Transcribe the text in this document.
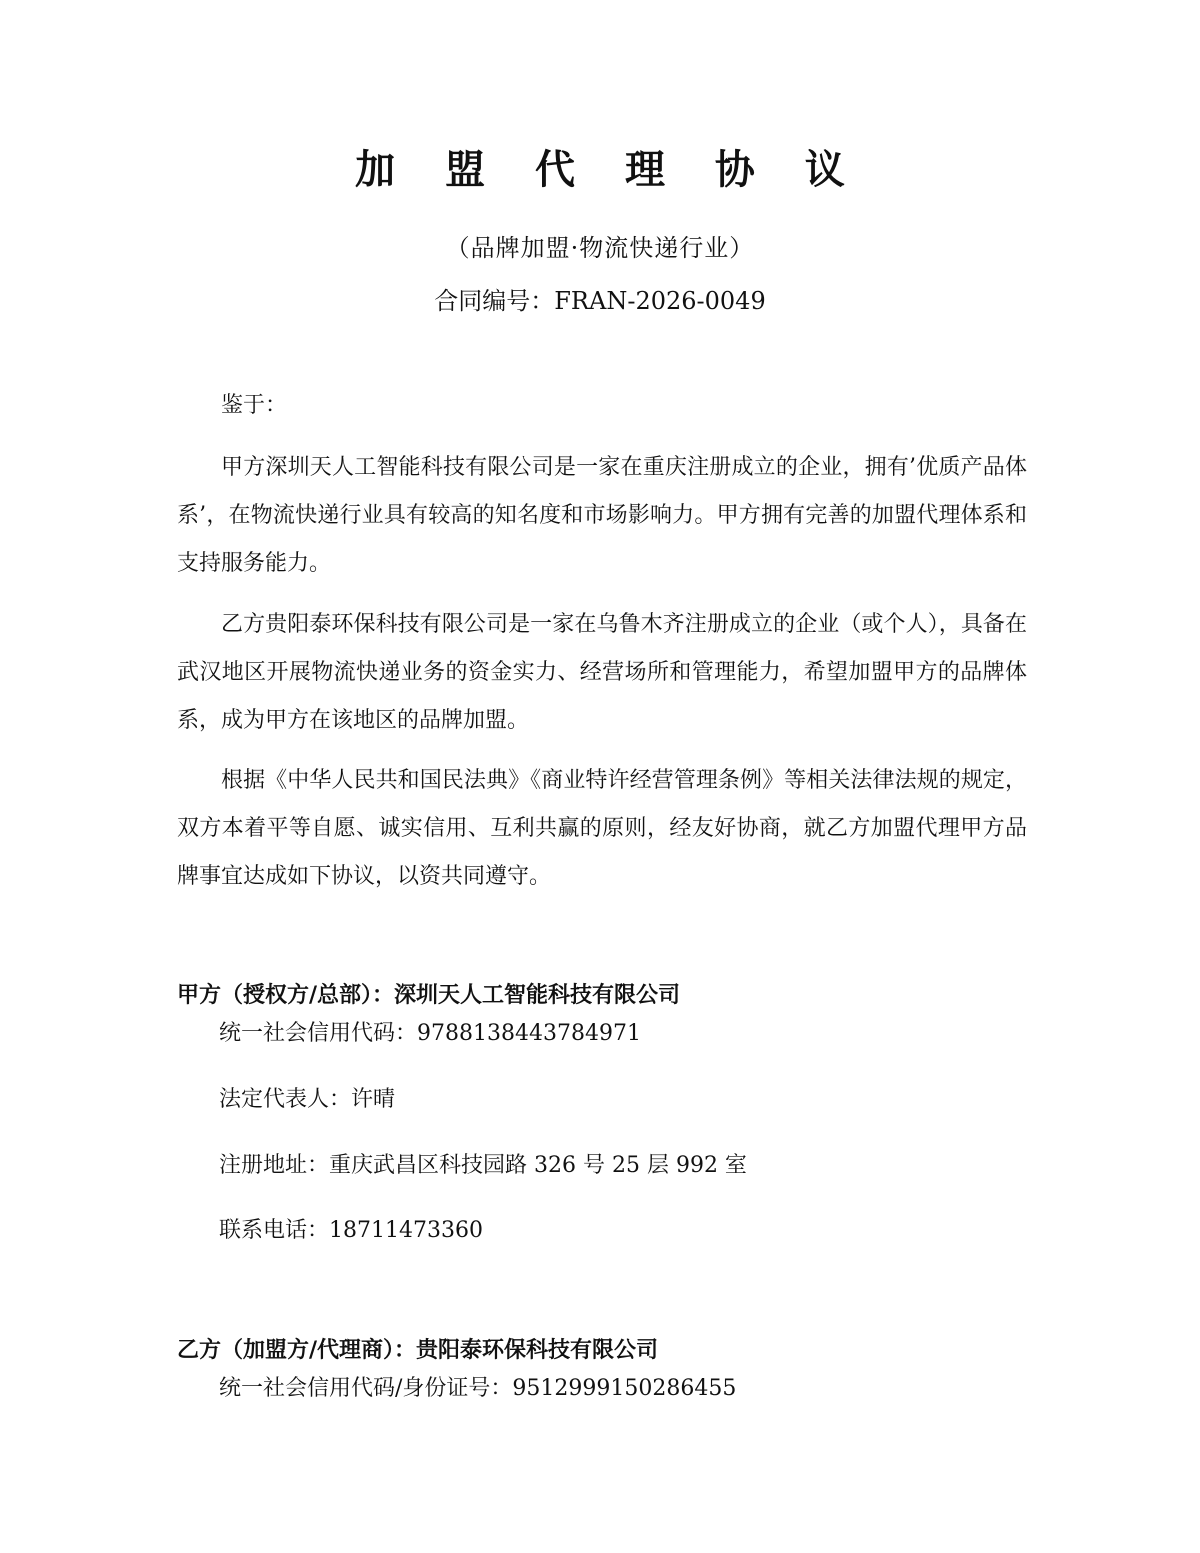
加 盟 代 理 协 议
（品牌加盟·物流快递行业）
合同编号：FRAN-2026-0049
鉴于：
甲方深圳天人工智能科技有限公司是一家在重庆注册成立的企业，拥有’优质产品体系’，在物流快递行业具有较高的知名度和市场影响力。甲方拥有完善的加盟代理体系和支持服务能力。
乙方贵阳泰环保科技有限公司是一家在乌鲁木齐注册成立的企业（或个人），具备在武汉地区开展物流快递业务的资金实力、经营场所和管理能力，希望加盟甲方的品牌体系，成为甲方在该地区的品牌加盟。
根据《中华人民共和国民法典》《商业特许经营管理条例》等相关法律法规的规定，双方本着平等自愿、诚实信用、互利共赢的原则，经友好协商，就乙方加盟代理甲方品牌事宜达成如下协议，以资共同遵守。
甲方（授权方/总部）：深圳天人工智能科技有限公司
统一社会信用代码：9788138443784971
法定代表人：许晴
注册地址：重庆武昌区科技园路 326 号 25 层 992 室
联系电话：18711473360
乙方（加盟方/代理商）：贵阳泰环保科技有限公司
统一社会信用代码/身份证号：9512999150286455
